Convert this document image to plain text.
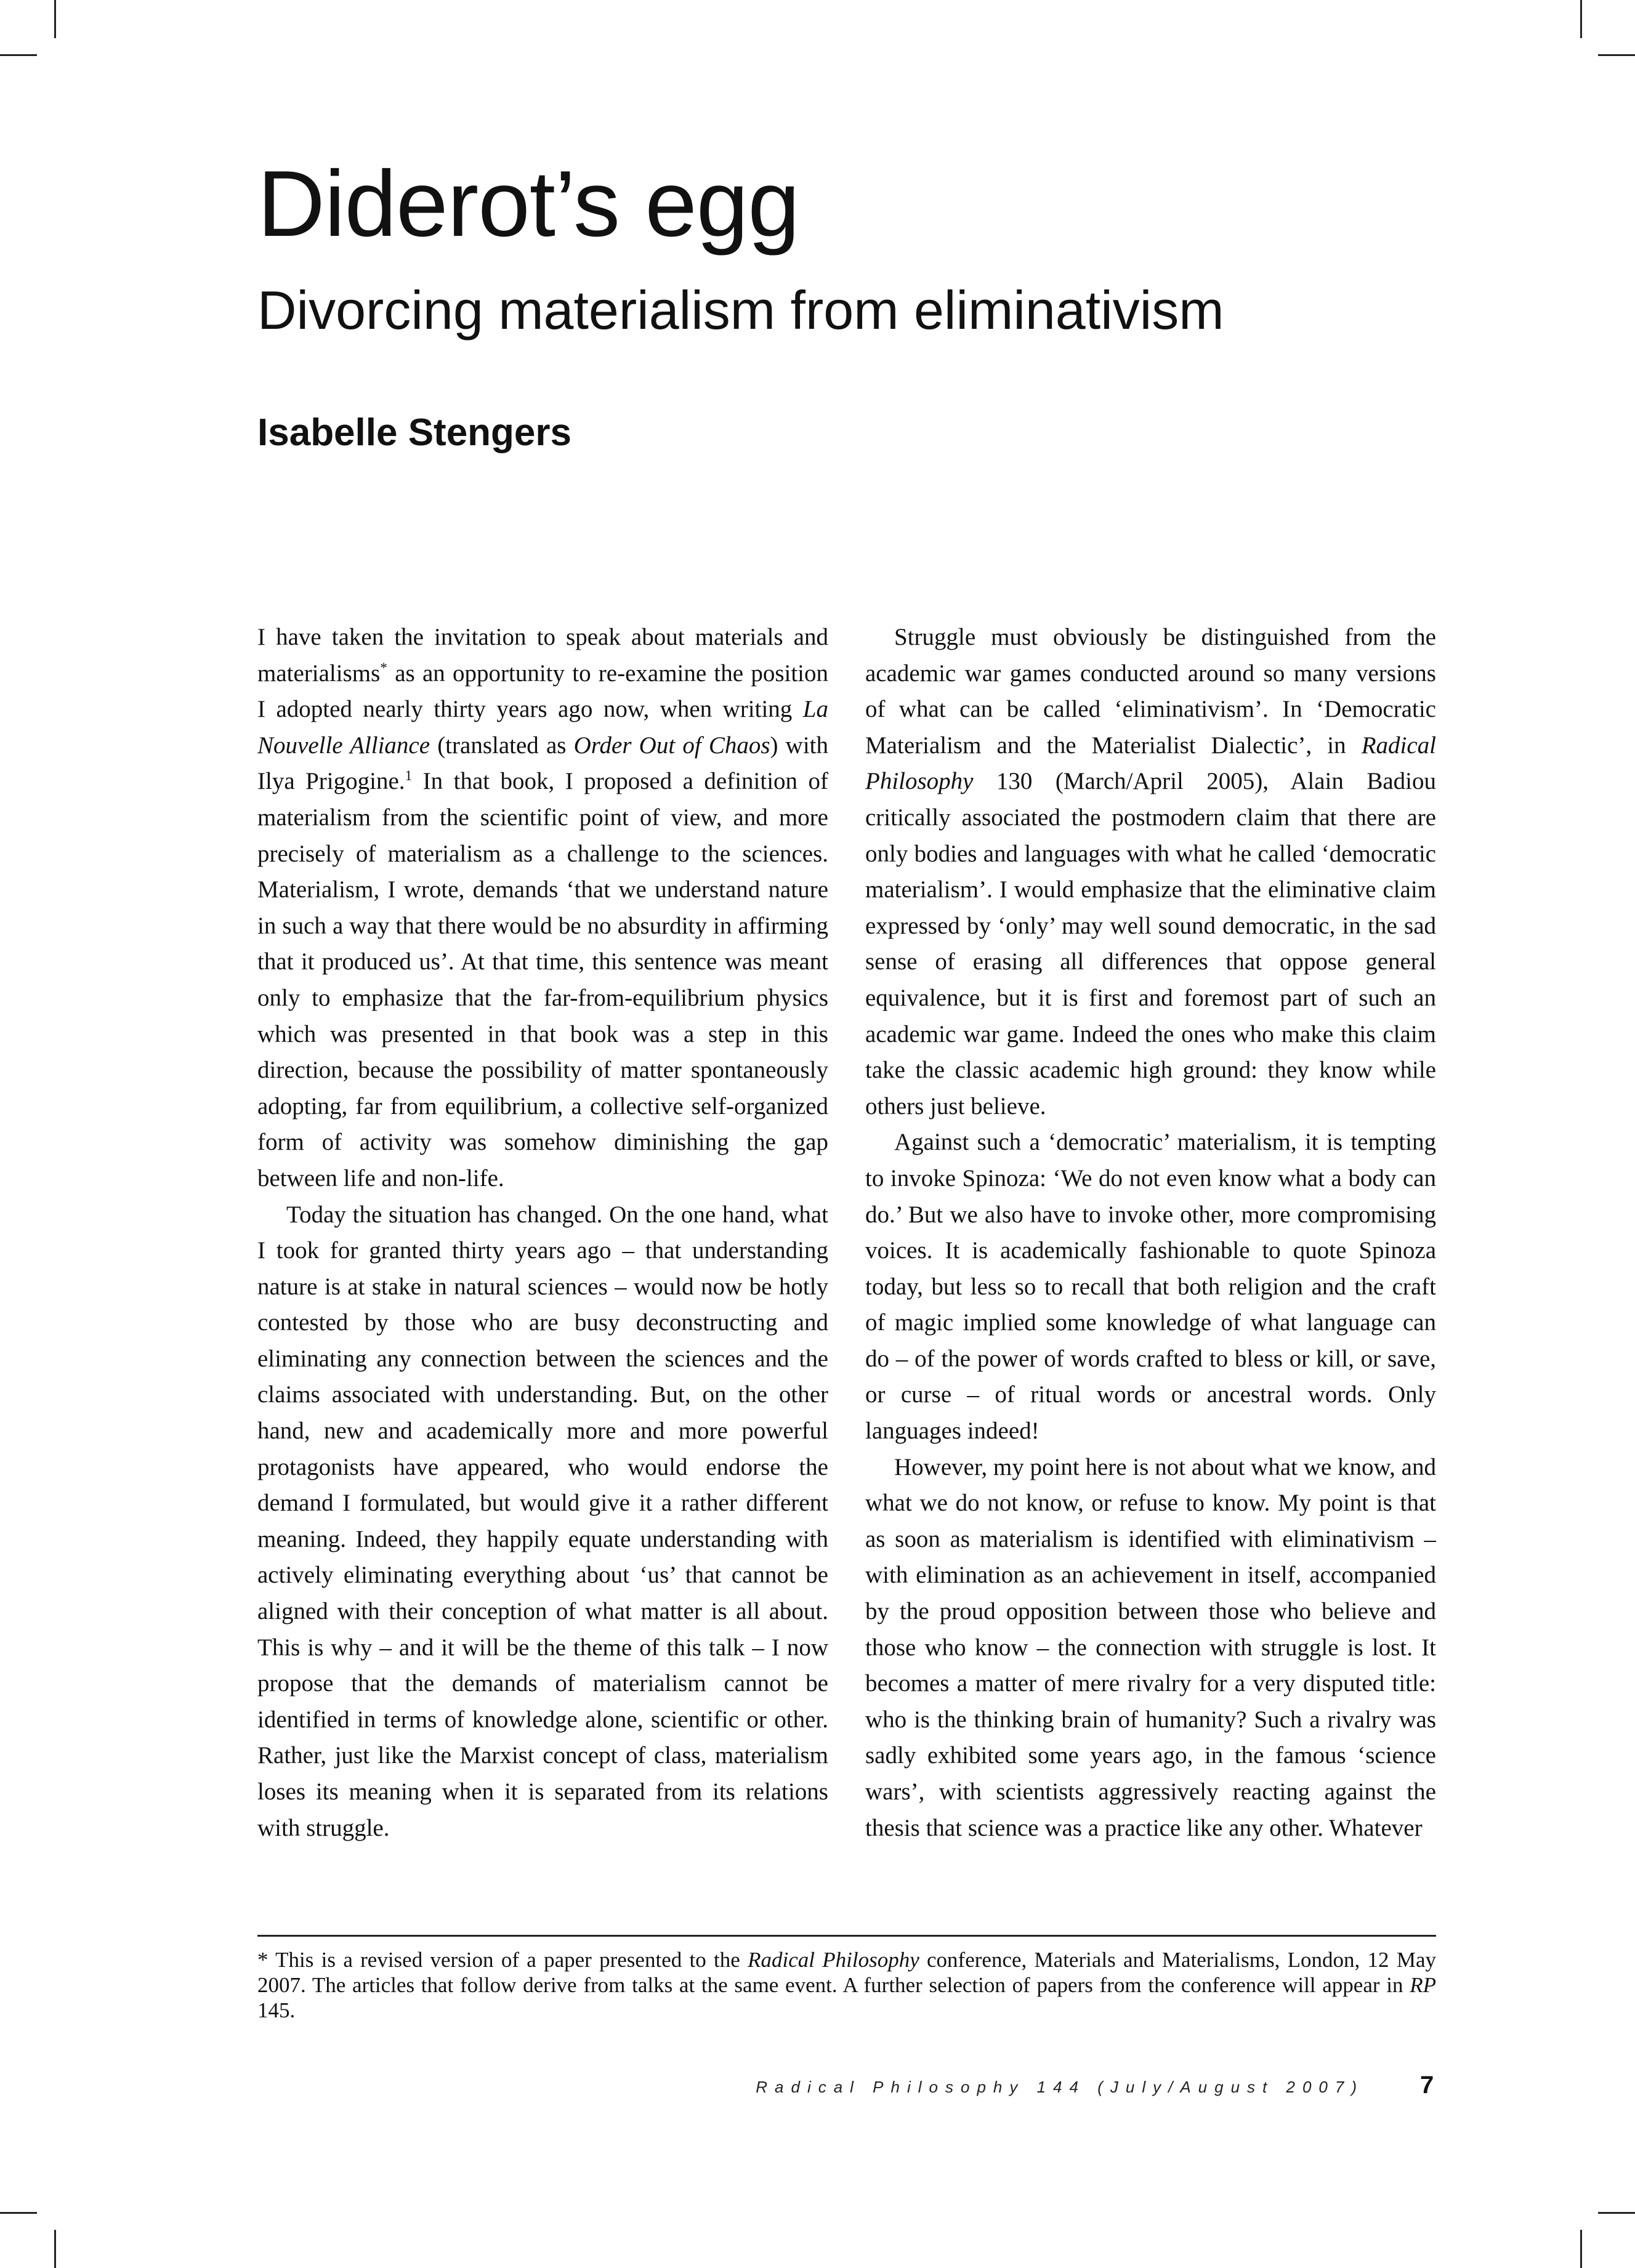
Diderot’s egg
Divorcing materialism from eliminativism
Isabelle Stengers

I have taken the invitation to speak about materials and materialisms* as an opportunity to re-examine the position I adopted nearly thirty years ago now, when writing La Nouvelle Alliance (translated as Order Out of Chaos) with Ilya Prigogine.$^1$ In that book, I proposed a definition of materialism from the scientific point of view, and more precisely of materialism as a challenge to the sciences. Materialism, I wrote, demands ‘that we understand nature in such a way that there would be no absurdity in affirming that it produced us’. At that time, this sentence was meant only to emphasize that the far-from-equilibrium physics which was presented in that book was a step in this direction, because the possibility of matter spontaneously adopting, far from equilibrium, a collective self-organized form of activity was somehow diminishing the gap between life and non-life.

Today the situation has changed. On the one hand, what I took for granted thirty years ago – that understanding nature is at stake in natural sciences – would now be hotly contested by those who are busy deconstructing and eliminating any connection between the sciences and the claims associated with understanding. But, on the other hand, new and academically more and more powerful protagonists have appeared, who would endorse the demand I formulated, but would give it a rather different meaning. Indeed, they happily equate understanding with actively eliminating everything about ‘us’ that cannot be aligned with their conception of what matter is all about. This is why – and it will be the theme of this talk – I now propose that the demands of materialism cannot be identified in terms of knowledge alone, scientific or other. Rather, just like the Marxist concept of class, materialism loses its meaning when it is separated from its relations with struggle.

Struggle must obviously be distinguished from the academic war games conducted around so many versions of what can be called ‘eliminativism’. In ‘Democratic Materialism and the Materialist Dialectic’, in Radical Philosophy 130 (March/April 2005), Alain Badiou critically associated the postmodern claim that there are only bodies and languages with what he called ‘democratic materialism’. I would emphasize that the eliminative claim expressed by ‘only’ may well sound democratic, in the sad sense of erasing all differences that oppose general equivalence, but it is first and foremost part of such an academic war game. Indeed the ones who make this claim take the classic academic high ground: they know while others just believe.

Against such a ‘democratic’ materialism, it is tempting to invoke Spinoza: ‘We do not even know what a body can do.’ But we also have to invoke other, more compromising voices. It is academically fashionable to quote Spinoza today, but less so to recall that both religion and the craft of magic implied some knowledge of what language can do – of the power of words crafted to bless or kill, or save, or curse – of ritual words or ancestral words. Only languages indeed!

However, my point here is not about what we know, and what we do not know, or refuse to know. My point is that as soon as materialism is identified with eliminativism – with elimination as an achievement in itself, accompanied by the proud opposition between those who believe and those who know – the connection with struggle is lost. It becomes a matter of mere rivalry for a very disputed title: who is the thinking brain of humanity? Such a rivalry was sadly exhibited some years ago, in the famous ‘science wars’, with scientists aggressively reacting against the thesis that science was a practice like any other. Whatever

* This is a revised version of a paper presented to the Radical Philosophy conference, Materials and Materialisms, London, 12 May 2007. The articles that follow derive from talks at the same event. A further selection of papers from the conference will appear in RP 145.

Radical Philosophy 144 (July/August 2007) 7
